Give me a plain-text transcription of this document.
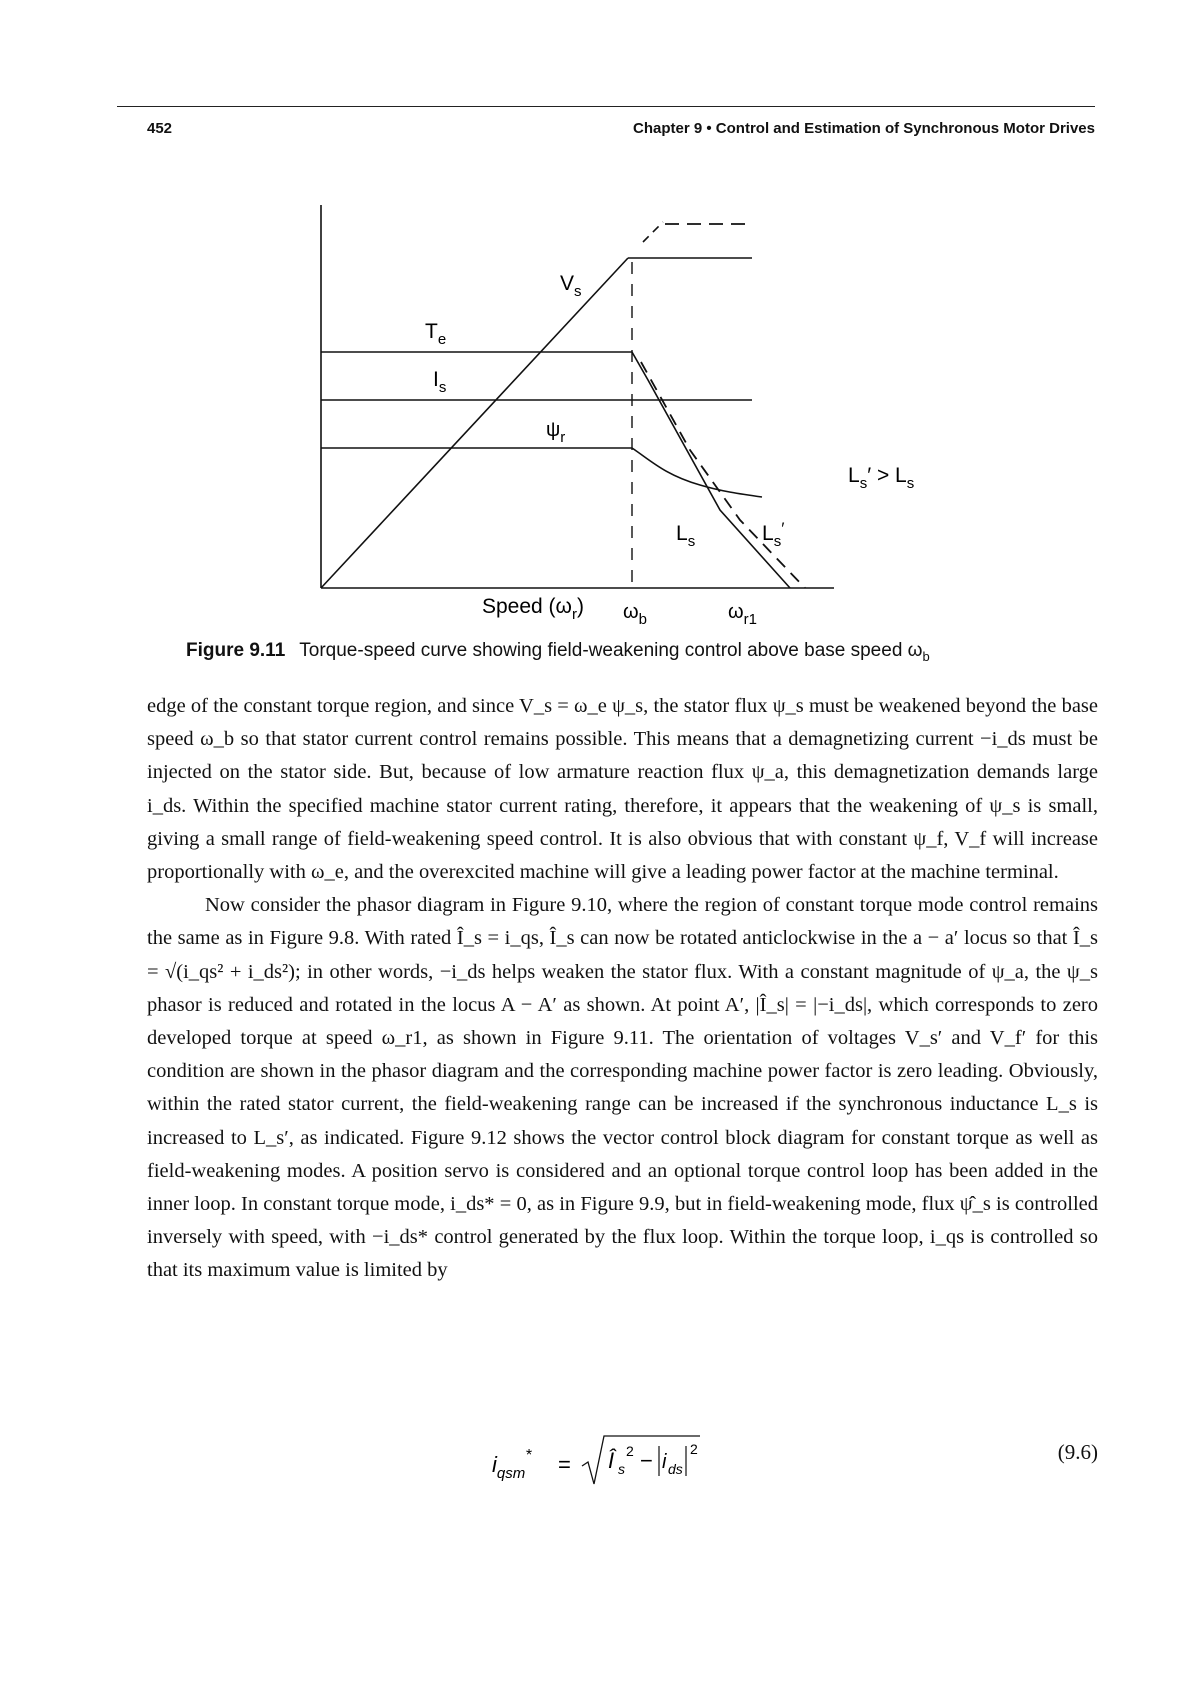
452	Chapter 9 • Control and Estimation of Synchronous Motor Drives
$T_e$
$I_s$
$V_s$
$\psi_r$
$L_s' > L_s$
$L_s$	$L_s'$
Speed $(\omega_r)$ $\omega_b$	$\omega_{r1}$
Figure 9.11 Torque-speed curve showing field-weakening control above base speed $\omega_b$

edge of the constant torque region, and since V_s = ω_e ψ_s, the stator flux ψ_s must be weakened beyond the base speed ω_b so that stator current control remains possible. This means that a demagnetizing current −i_ds must be injected on the stator side. But, because of low armature reaction flux ψ_a, this demagnetization demands large i_ds. Within the specified machine stator current rating, therefore, it appears that the weakening of ψ_s is small, giving a small range of field-weakening speed control. It is also obvious that with constant ψ_f, V_f will increase proportionally with ω_e, and the overexcited machine will give a leading power factor at the machine terminal.

Now consider the phasor diagram in Figure 9.10, where the region of constant torque mode control remains the same as in Figure 9.8. With rated Î_s = i_qs, Î_s can now be rotated anticlockwise in the a − a′ locus so that Î_s = √(i_qs² + i_ds²); in other words, −i_ds helps weaken the stator flux. With a constant magnitude of ψ_a, the ψ_s phasor is reduced and rotated in the locus A − A′ as shown. At point A′, |Î_s| = |−i_ds|, which corresponds to zero developed torque at speed ω_r1, as shown in Figure 9.11. The orientation of voltages V_s′ and V_f′ for this condition are shown in the phasor diagram and the corresponding machine power factor is zero leading. Obviously, within the rated stator current, the field-weakening range can be increased if the synchronous inductance L_s is increased to L_s′, as indicated. Figure 9.12 shows the vector control block diagram for constant torque as well as field-weakening modes. A position servo is considered and an optional torque control loop has been added in the inner loop. In constant torque mode, i_ds* = 0, as in Figure 9.9, but in field-weakening mode, flux ψ̂_s is controlled inversely with speed, with −i_ds* control generated by the flux loop. Within the torque loop, i_qs is controlled so that its maximum value is limited by

$i_{qsm}^*$ = Î s
2 − i ds
2	(9.6)
